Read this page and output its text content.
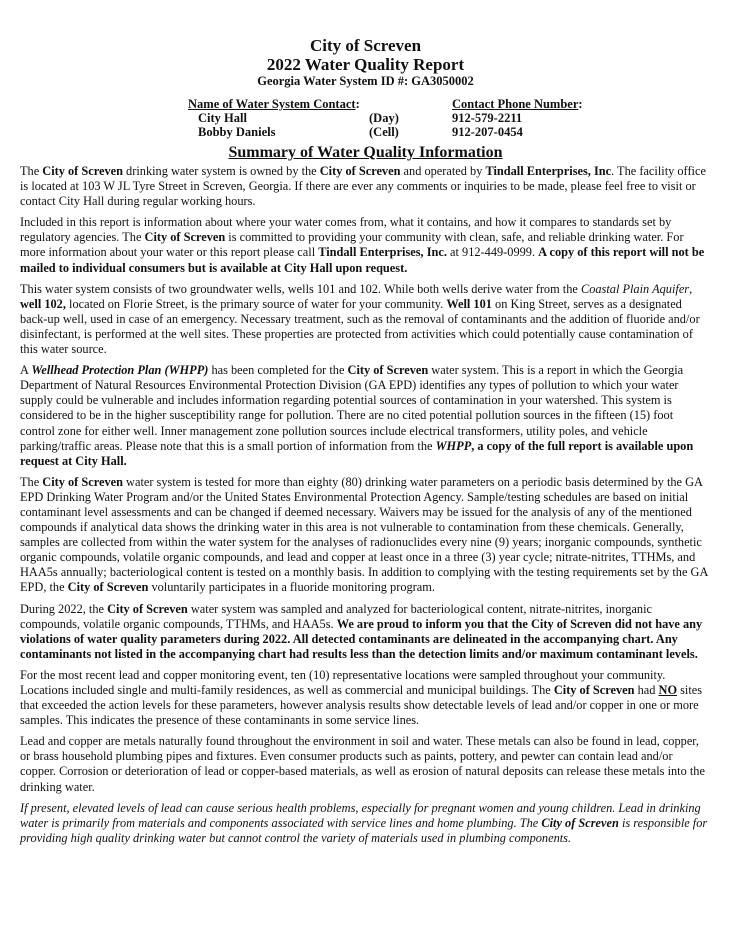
City of Screven
2022 Water Quality Report
Georgia Water System ID #: GA3050002
Name of Water System Contact:		Contact Phone Number:
City Hall	(Day)	912-579-2211
Bobby Daniels	(Cell)	912-207-0454
Summary of Water Quality Information

The City of Screven drinking water system is owned by the City of Screven and operated by Tindall Enterprises, Inc. The facility office is located at 103 W JL Tyre Street in Screven, Georgia. If there are ever any comments or inquiries to be made, please feel free to visit or contact City Hall during regular working hours.

Included in this report is information about where your water comes from, what it contains, and how it compares to standards set by regulatory agencies. The City of Screven is committed to providing your community with clean, safe, and reliable drinking water. For more information about your water or this report please call Tindall Enterprises, Inc. at 912-449-0999. A copy of this report will not be mailed to individual consumers but is available at City Hall upon request.

This water system consists of two groundwater wells, wells 101 and 102. While both wells derive water from the Coastal Plain Aquifer, well 102, located on Florie Street, is the primary source of water for your community. Well 101 on King Street, serves as a designated back-up well, used in case of an emergency. Necessary treatment, such as the removal of contaminants and the addition of fluoride and/or disinfectant, is performed at the well sites. These properties are protected from activities which could potentially cause contamination of this water source.

A Wellhead Protection Plan (WHPP) has been completed for the City of Screven water system. This is a report in which the Georgia Department of Natural Resources Environmental Protection Division (GA EPD) identifies any types of pollution to which your water supply could be vulnerable and includes information regarding potential sources of contamination in your watershed. This system is considered to be in the higher susceptibility range for pollution. There are no cited potential pollution sources in the fifteen (15) foot control zone for either well. Inner management zone pollution sources include electrical transformers, utility poles, and vehicle parking/traffic areas. Please note that this is a small portion of information from the WHPP, a copy of the full report is available upon request at City Hall.

The City of Screven water system is tested for more than eighty (80) drinking water parameters on a periodic basis determined by the GA EPD Drinking Water Program and/or the United States Environmental Protection Agency. Sample/testing schedules are based on initial contaminant level assessments and can be changed if deemed necessary. Waivers may be issued for the analysis of any of the mentioned compounds if analytical data shows the drinking water in this area is not vulnerable to contamination from these chemicals. Generally, samples are collected from within the water system for the analyses of radionuclides every nine (9) years; inorganic compounds, synthetic organic compounds, volatile organic compounds, and lead and copper at least once in a three (3) year cycle; nitrate-nitrites, TTHMs, and HAA5s annually; bacteriological content is tested on a monthly basis. In addition to complying with the testing requirements set by the GA EPD, the City of Screven voluntarily participates in a fluoride monitoring program.

During 2022, the City of Screven water system was sampled and analyzed for bacteriological content, nitrate-nitrites, inorganic compounds, volatile organic compounds, TTHMs, and HAA5s. We are proud to inform you that the City of Screven did not have any violations of water quality parameters during 2022. All detected contaminants are delineated in the accompanying chart. Any contaminants not listed in the accompanying chart had results less than the detection limits and/or maximum contaminant levels.

For the most recent lead and copper monitoring event, ten (10) representative locations were sampled throughout your community. Locations included single and multi-family residences, as well as commercial and municipal buildings. The City of Screven had NO sites that exceeded the action levels for these parameters, however analysis results show detectable levels of lead and/or copper in one or more samples. This indicates the presence of these contaminants in some service lines.

Lead and copper are metals naturally found throughout the environment in soil and water. These metals can also be found in lead, copper, or brass household plumbing pipes and fixtures. Even consumer products such as paints, pottery, and pewter can contain lead and/or copper. Corrosion or deterioration of lead or copper-based materials, as well as erosion of natural deposits can release these metals into the drinking water.

If present, elevated levels of lead can cause serious health problems, especially for pregnant women and young children. Lead in drinking water is primarily from materials and components associated with service lines and home plumbing. The City of Screven is responsible for providing high quality drinking water but cannot control the variety of materials used in plumbing components.
